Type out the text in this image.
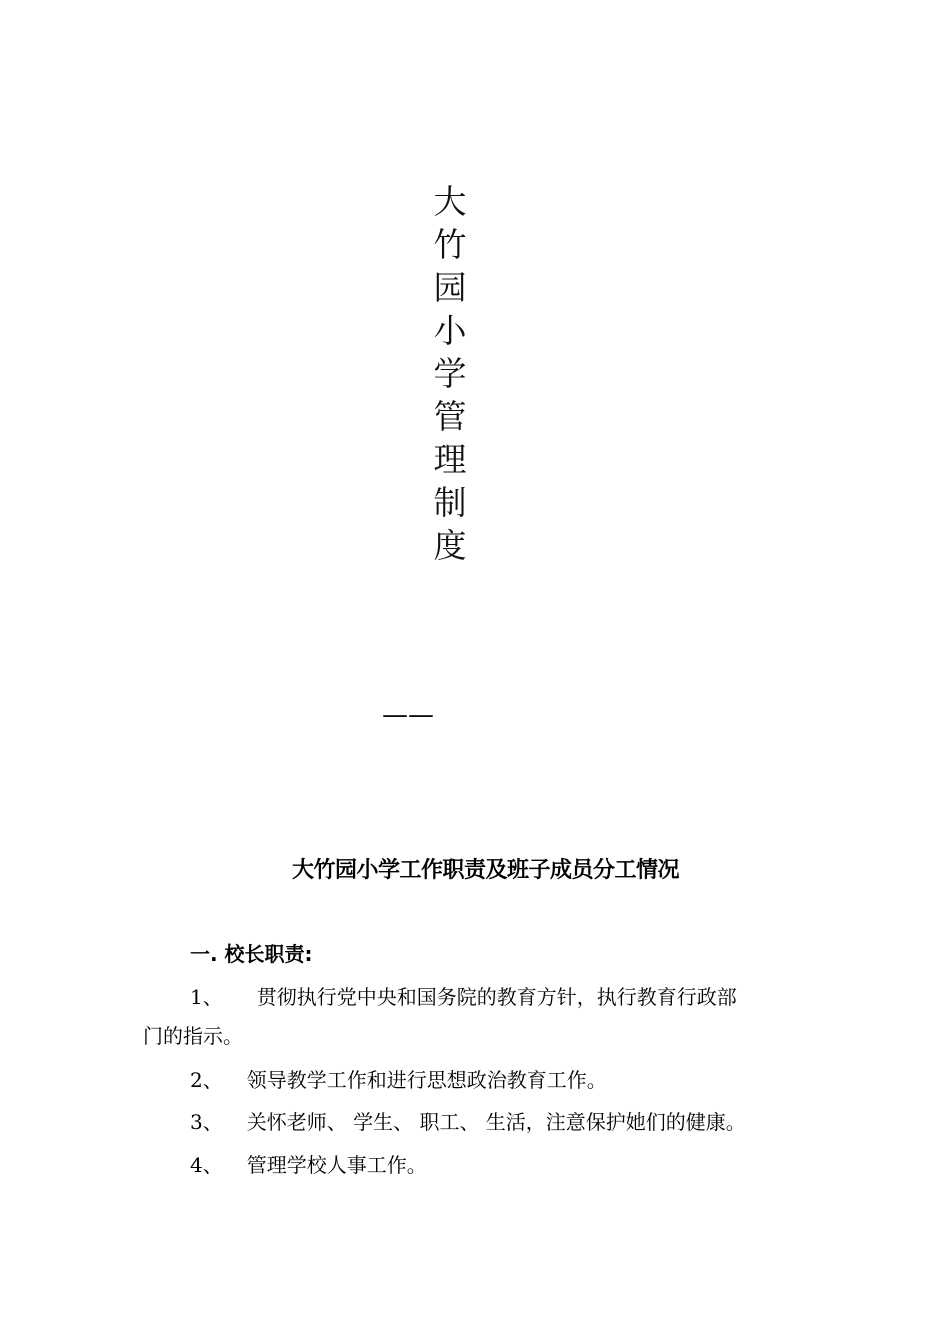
大
竹
园
小
学
管
理
制
度
——
大竹园小学工作职责及班子成员分工情况
一. 校长职责:
1、 贯彻执行党中央和国务院的教育方针，执行教育行政部
门的指示。
2、 领导教学工作和进行思想政治教育工作。
3、 关怀老师、 学生、 职工、 生活，注意保护她们的健康。
4、 管理学校人事工作。
